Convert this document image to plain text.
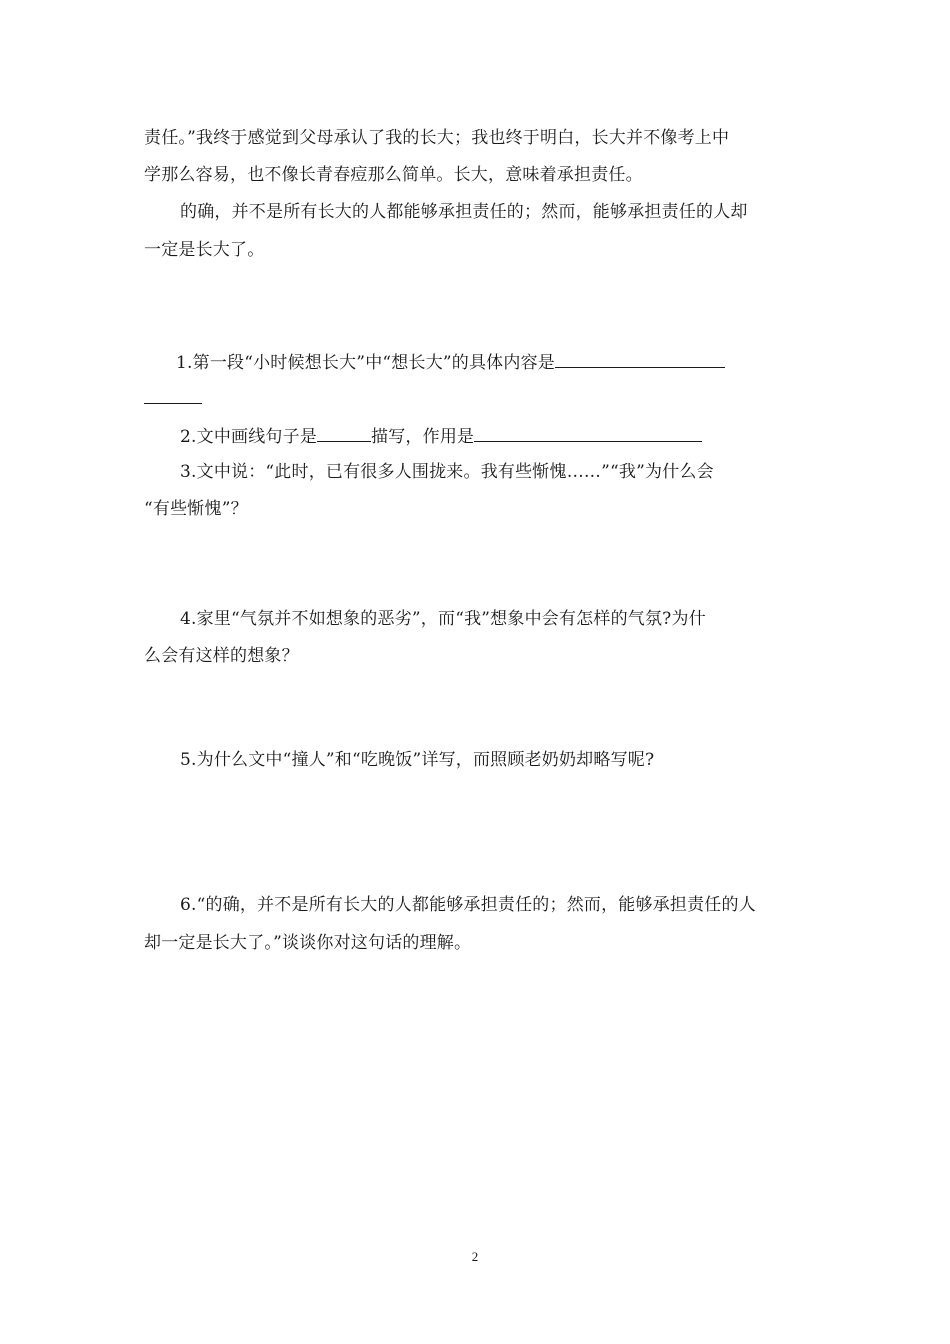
责任。”我终于感觉到父母承认了我的长大；我也终于明白，长大并不像考上中
学那么容易，也不像长青春痘那么简单。长大，意味着承担责任。
的确，并不是所有长大的人都能够承担责任的；然而，能够承担责任的人却
一定是长大了。
1.第一段“小时候想长大”中“想长大”的具体内容是
2.文中画线句子是	描写，作用是
3.文中说：“此时，已有很多人围拢来。我有些惭愧……”“我”为什么会
“有些惭愧”？
4.家里“气氛并不如想象的恶劣”，而“我”想象中会有怎样的气氛?为什
么会有这样的想象？
5.为什么文中“撞人”和“吃晚饭”详写，而照顾老奶奶却略写呢?
6.“的确，并不是所有长大的人都能够承担责任的；然而，能够承担责任的人
却一定是长大了。”谈谈你对这句话的理解。
2
